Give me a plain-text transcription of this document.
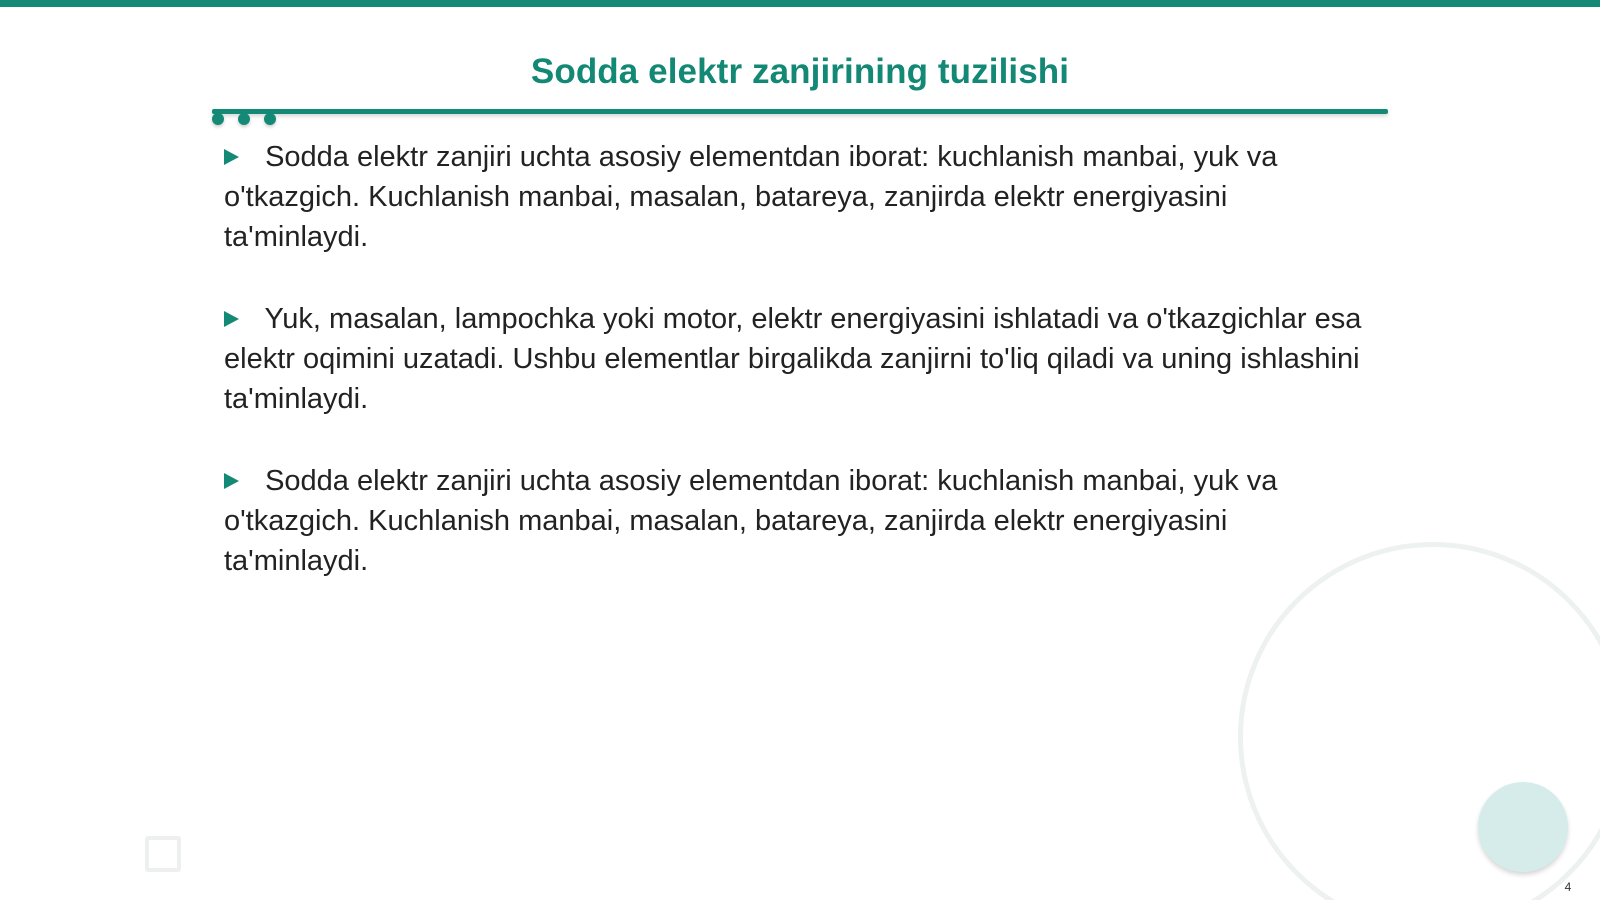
Sodda elektr zanjirining tuzilishi

Sodda elektr zanjiri uchta asosiy elementdan iborat: kuchlanish manbai, yuk va o'tkazgich. Kuchlanish manbai, masalan, batareya, zanjirda elektr energiyasini ta'minlaydi.

Yuk, masalan, lampochka yoki motor, elektr energiyasini ishlatadi va o'tkazgichlar esa elektr oqimini uzatadi. Ushbu elementlar birgalikda zanjirni to'liq qiladi va uning ishlashini ta'minlaydi.

Sodda elektr zanjiri uchta asosiy elementdan iborat: kuchlanish manbai, yuk va o'tkazgich. Kuchlanish manbai, masalan, batareya, zanjirda elektr energiyasini ta'minlaydi.

4
